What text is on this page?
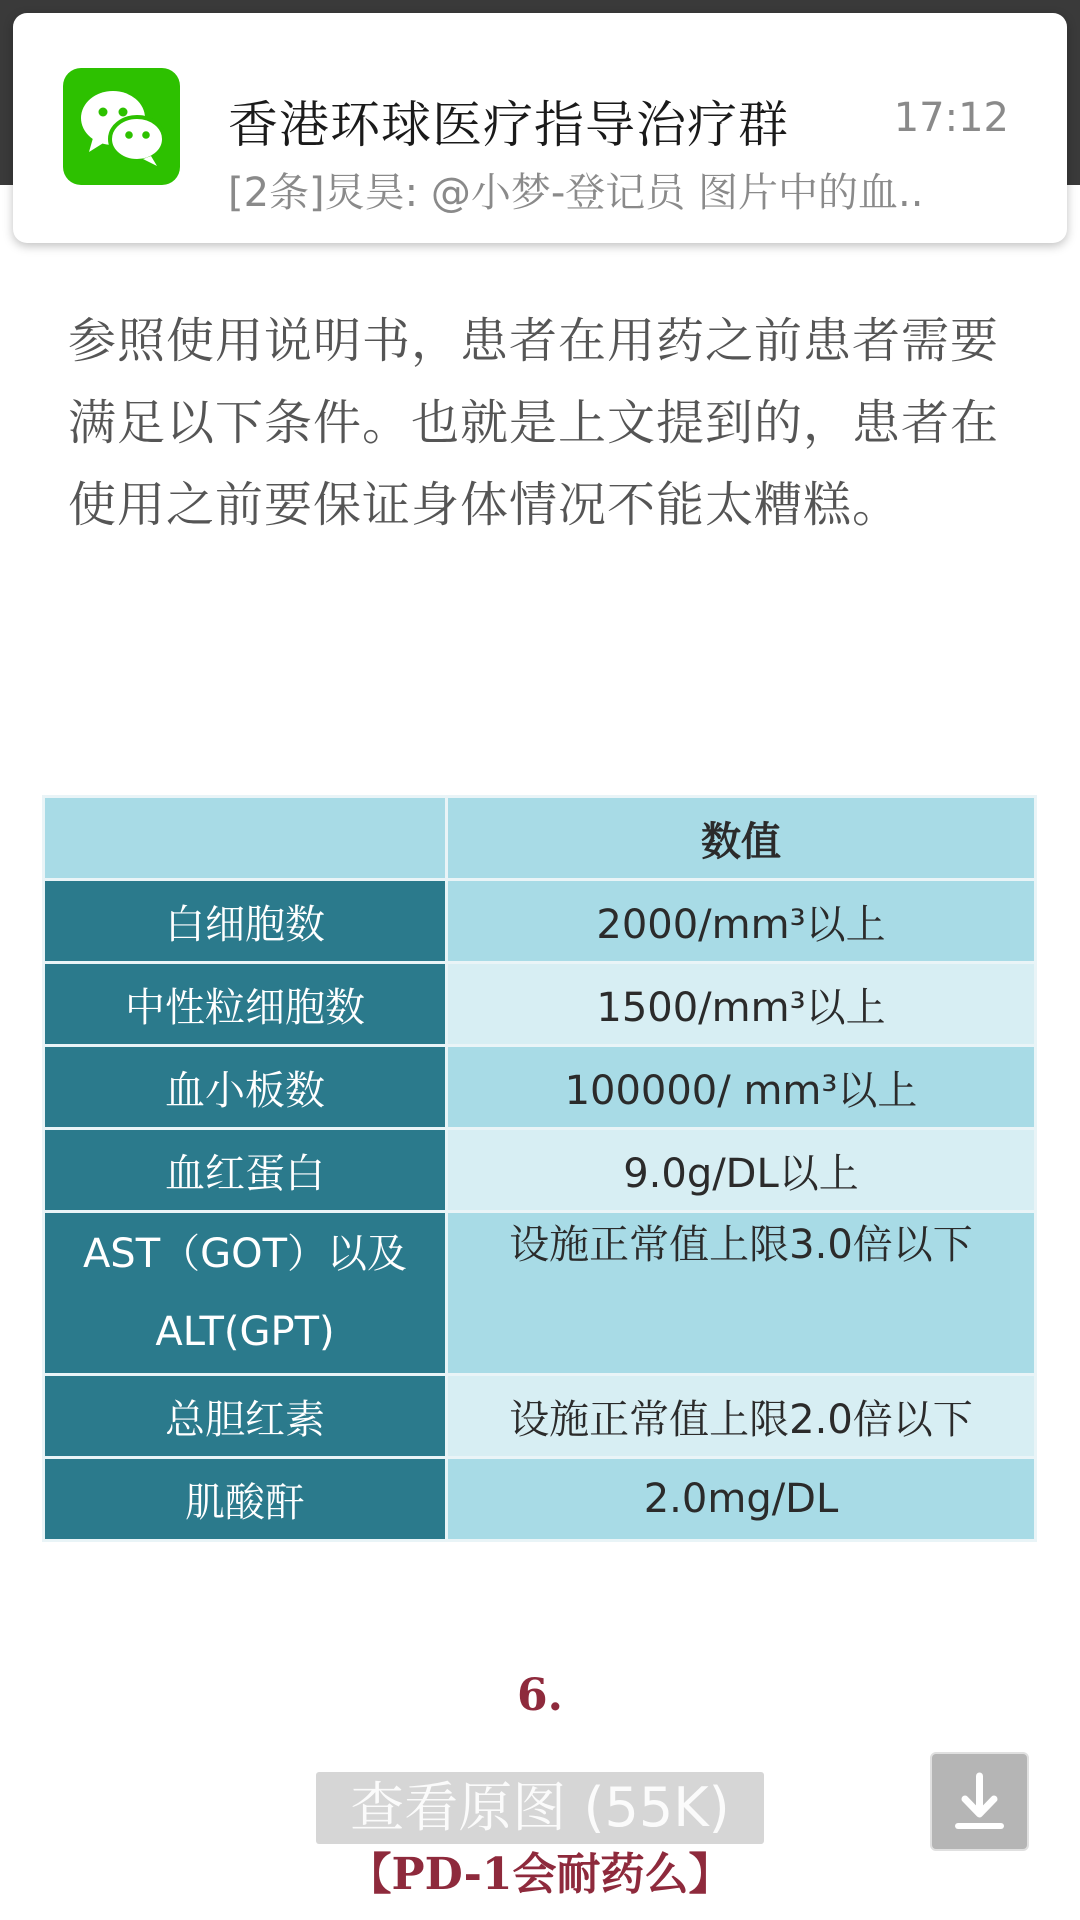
香港环球医疗指导治疗群	17:12
[2条]炅昊: @小梦-登记员 图片中的血..
参照使用说明书，患者在用药之前患者需要满足以下条件。也就是上文提到的，患者在使用之前要保证身体情况不能太糟糕。
	数值
白细胞数	2000/mm³以上
中性粒细胞数	1500/mm³以上
血小板数	100000/ mm³以上
血红蛋白	9.0g/DL以上
AST（GOT）以及ALT(GPT)	设施正常值上限3.0倍以下
总胆红素	设施正常值上限2.0倍以下
肌酸酐	2.0mg/DL
6.
【PD-1会耐药么】
查看原图 (55K)
